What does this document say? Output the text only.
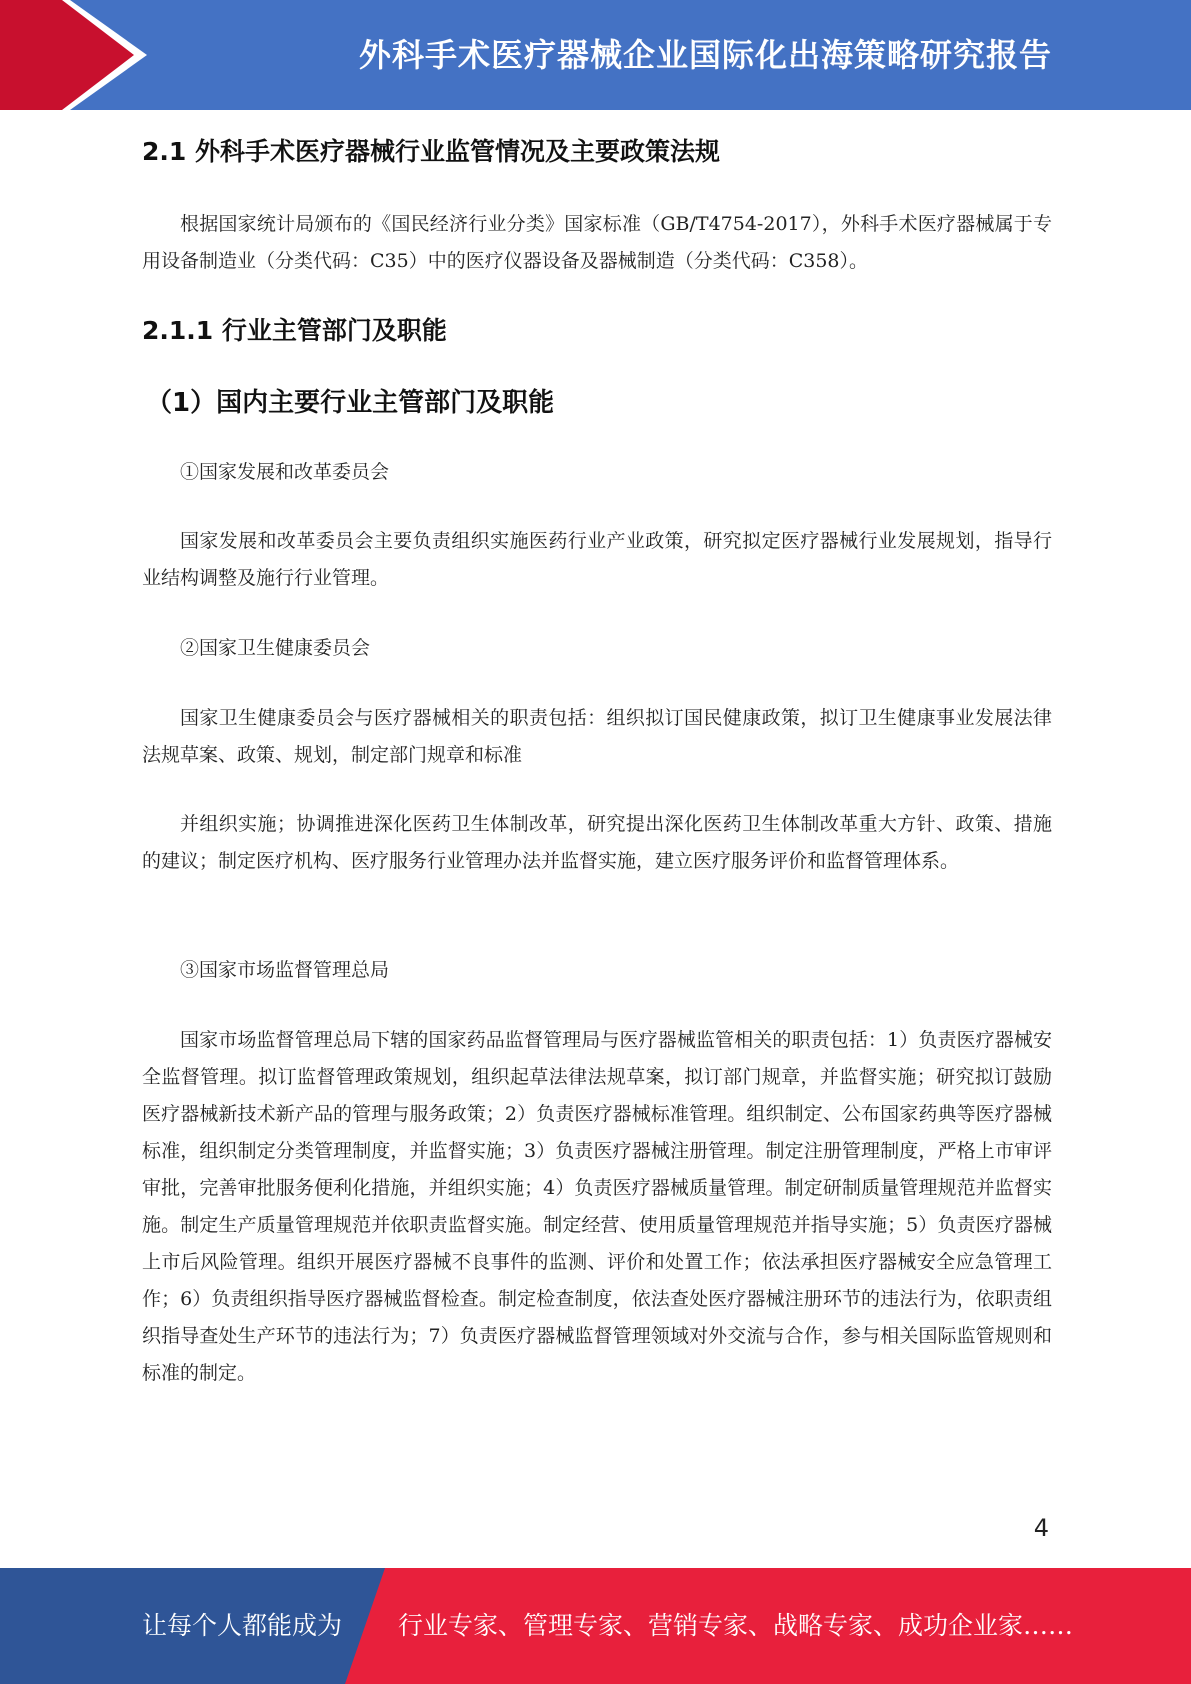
外科手术医疗器械企业国际化出海策略研究报告
2.1 外科手术医疗器械行业监管情况及主要政策法规
根据国家统计局颁布的《国民经济行业分类》国家标准（GB/T4754-2017），外科手术医疗器械属于专用设备制造业（分类代码：C35）中的医疗仪器设备及器械制造（分类代码：C358）。
2.1.1 行业主管部门及职能
（1）国内主要行业主管部门及职能
①国家发展和改革委员会
国家发展和改革委员会主要负责组织实施医药行业产业政策，研究拟定医疗器械行业发展规划，指导行业结构调整及施行行业管理。
②国家卫生健康委员会
国家卫生健康委员会与医疗器械相关的职责包括：组织拟订国民健康政策，拟订卫生健康事业发展法律法规草案、政策、规划，制定部门规章和标准
并组织实施；协调推进深化医药卫生体制改革，研究提出深化医药卫生体制改革重大方针、政策、措施的建议；制定医疗机构、医疗服务行业管理办法并监督实施，建立医疗服务评价和监督管理体系。
③国家市场监督管理总局
国家市场监督管理总局下辖的国家药品监督管理局与医疗器械监管相关的职责包括：1）负责医疗器械安全监督管理。拟订监督管理政策规划，组织起草法律法规草案，拟订部门规章，并监督实施；研究拟订鼓励医疗器械新技术新产品的管理与服务政策；2）负责医疗器械标准管理。组织制定、公布国家药典等医疗器械标准，组织制定分类管理制度，并监督实施；3）负责医疗器械注册管理。制定注册管理制度，严格上市审评审批，完善审批服务便利化措施，并组织实施；4）负责医疗器械质量管理。制定研制质量管理规范并监督实施。制定生产质量管理规范并依职责监督实施。制定经营、使用质量管理规范并指导实施；5）负责医疗器械上市后风险管理。组织开展医疗器械不良事件的监测、评价和处置工作；依法承担医疗器械安全应急管理工作；6）负责组织指导医疗器械监督检查。制定检查制度，依法查处医疗器械注册环节的违法行为，依职责组织指导查处生产环节的违法行为；7）负责医疗器械监督管理领域对外交流与合作，参与相关国际监管规则和标准的制定。
4
让每个人都能成为 行业专家、管理专家、营销专家、战略专家、成功企业家……
